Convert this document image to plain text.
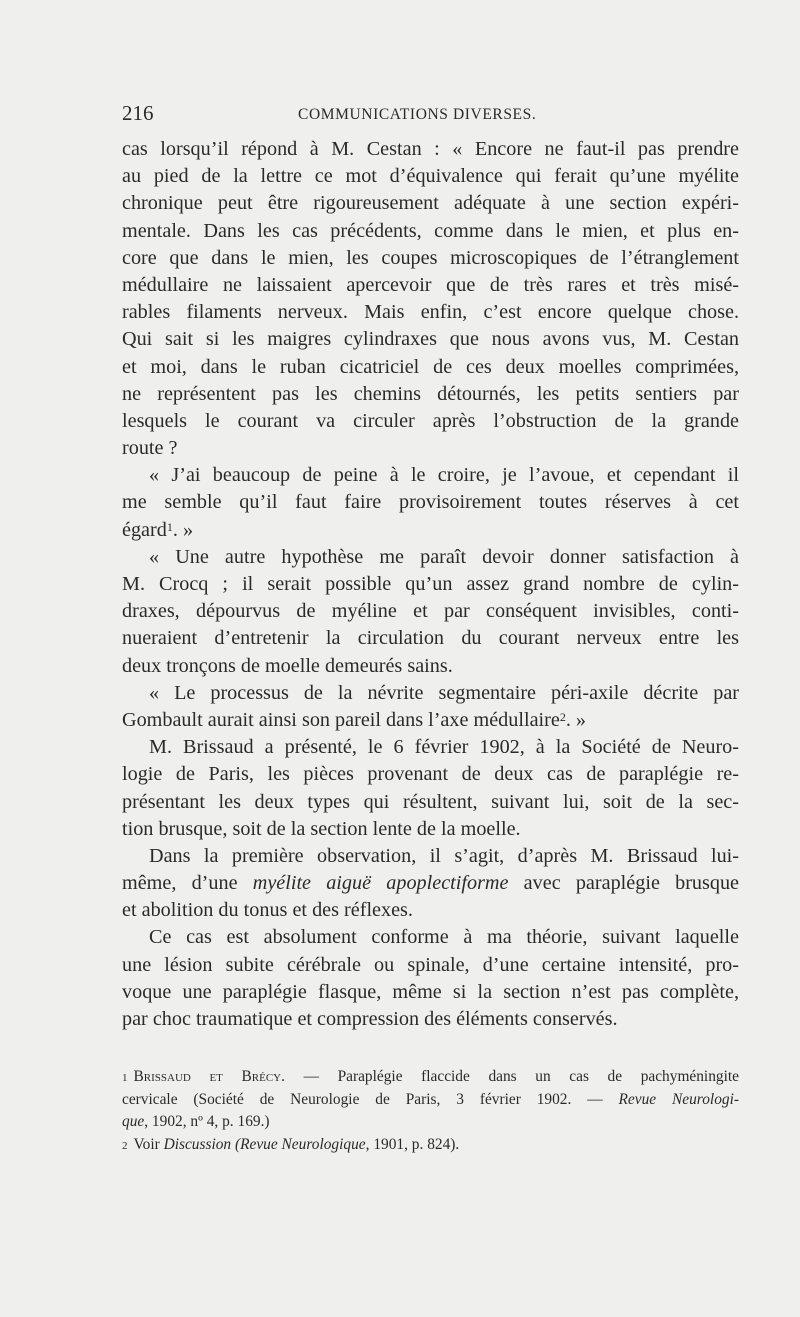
216	COMMUNICATIONS DIVERSES.
cas lorsqu’il répond à M. Cestan : « Encore ne faut-il pas prendre
au pied de la lettre ce mot d’équivalence qui ferait qu’une myélite
chronique peut être rigoureusement adéquate à une section expéri-
mentale. Dans les cas précédents, comme dans le mien, et plus en-
core que dans le mien, les coupes microscopiques de l’étranglement
médullaire ne laissaient apercevoir que de très rares et très misé-
rables filaments nerveux. Mais enfin, c’est encore quelque chose.
Qui sait si les maigres cylindraxes que nous avons vus, M. Cestan
et moi, dans le ruban cicatriciel de ces deux moelles comprimées,
ne représentent pas les chemins détournés, les petits sentiers par
lesquels le courant va circuler après l’obstruction de la grande
route ?
« J’ai beaucoup de peine à le croire, je l’avoue, et cependant il
me semble qu’il faut faire provisoirement toutes réserves à cet
égard$^1$. »
« Une autre hypothèse me paraît devoir donner satisfaction à
M. Crocq ; il serait possible qu’un assez grand nombre de cylin-
draxes, dépourvus de myéline et par conséquent invisibles, conti-
nueraient d’entretenir la circulation du courant nerveux entre les
deux tronçons de moelle demeurés sains.
« Le processus de la névrite segmentaire péri-axile décrite par
Gombault aurait ainsi son pareil dans l’axe médullaire$^2$. »
M. Brissaud a présenté, le 6 février 1902, à la Société de Neuro-
logie de Paris, les pièces provenant de deux cas de paraplégie re-
présentant les deux types qui résultent, suivant lui, soit de la sec-
tion brusque, soit de la section lente de la moelle.
Dans la première observation, il s’agit, d’après M. Brissaud lui-
même, d’une myélite aiguë apoplectiforme avec paraplégie brusque
et abolition du tonus et des réflexes.
Ce cas est absolument conforme à ma théorie, suivant laquelle
une lésion subite cérébrale ou spinale, d’une certaine intensité, pro-
voque une paraplégie flasque, même si la section n’est pas complète,
par choc traumatique et compression des éléments conservés.
$^1$ Brissaud et Brécy. — Paraplégie flaccide dans un cas de pachyméningite
cervicale (Société de Neurologie de Paris, 3 février 1902. — Revue Neurologi-
que, 1902, nº 4, p. 169.)
$^2$ Voir Discussion (Revue Neurologique, 1901, p. 824).
